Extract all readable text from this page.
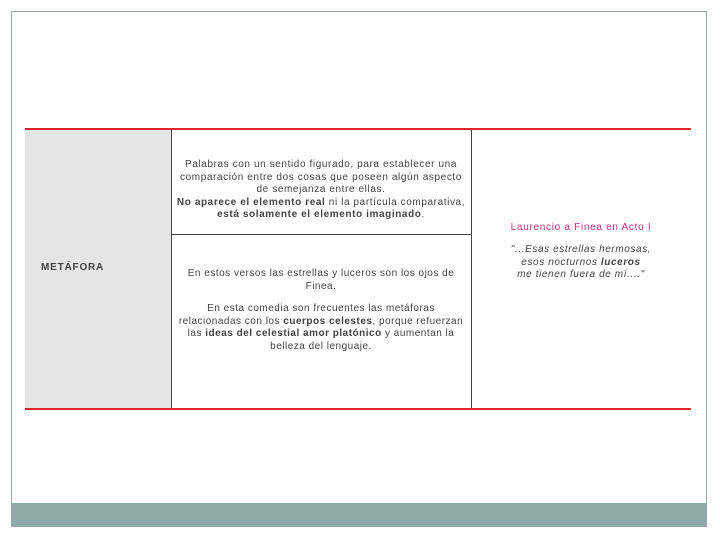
METÁFORA
Palabras con un sentido figurado, para establecer una
comparación entre dos cosas que poseen algún aspecto
de semejanza entre ellas.
No aparece el elemento real ni la partícula comparativa,
está solamente el elemento imaginado.

En estos versos las estrellas y luceros son los ojos de
Finea.

En esta comedia son frecuentes las metáforas
relacionadas con los cuerpos celestes, porque refuerzan
las ideas del celestial amor platónico y aumentan la
belleza del lenguaje.

Laurencio a Finea en Acto I
"...Esas estrellas hermosas,
esos nocturnos luceros
me tienen fuera de mí...."
